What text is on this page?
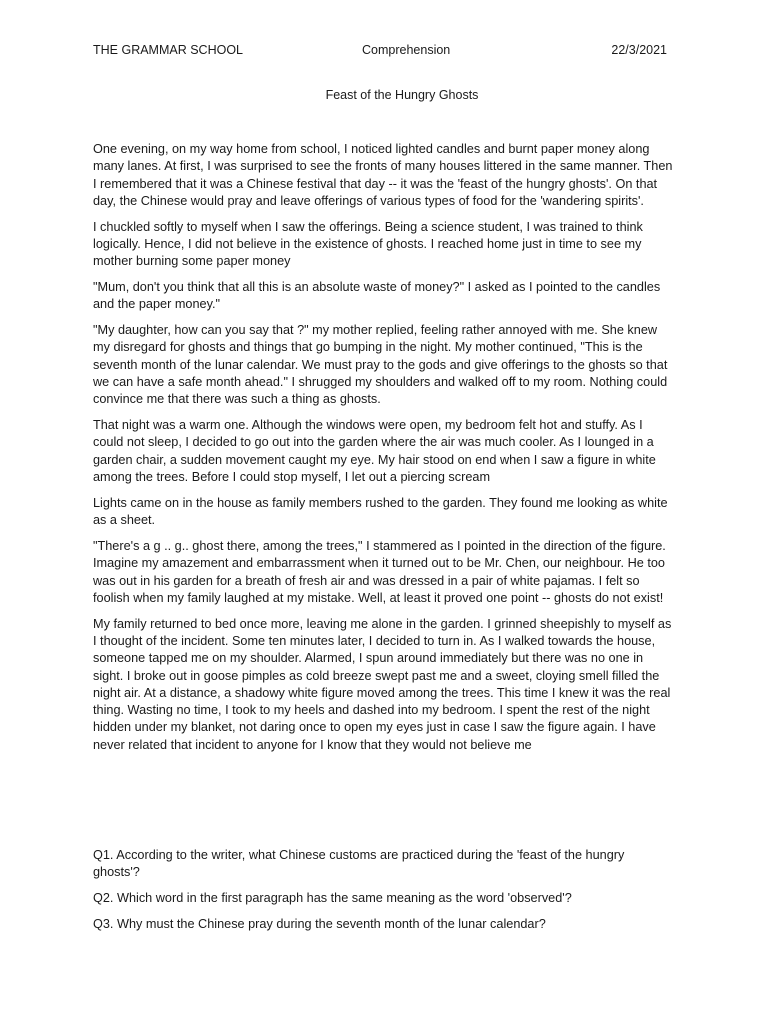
THE GRAMMAR SCHOOL	Comprehension	22/3/2021
Feast of the Hungry Ghosts

One evening, on my way home from school, I noticed lighted candles and burnt paper money along many lanes. At first, I was surprised to see the fronts of many houses littered in the same manner. Then I remembered that it was a Chinese festival that day -- it was the 'feast of the hungry ghosts'. On that day, the Chinese would pray and leave offerings of various types of food for the 'wandering spirits'.

I chuckled softly to myself when I saw the offerings. Being a science student, I was trained to think logically. Hence, I did not believe in the existence of ghosts. I reached home just in time to see my mother burning some paper money

"Mum, don't you think that all this is an absolute waste of money?" I asked as I pointed to the candles and the paper money."

"My daughter, how can you say that ?" my mother replied, feeling rather annoyed with me. She knew my disregard for ghosts and things that go bumping in the night. My mother continued, "This is the seventh month of the lunar calendar. We must pray to the gods and give offerings to the ghosts so that we can have a safe month ahead." I shrugged my shoulders and walked off to my room. Nothing could convince me that there was such a thing as ghosts.

That night was a warm one. Although the windows were open, my bedroom felt hot and stuffy. As I could not sleep, I decided to go out into the garden where the air was much cooler. As I lounged in a garden chair, a sudden movement caught my eye. My hair stood on end when I saw a figure in white among the trees. Before I could stop myself, I let out a piercing scream

Lights came on in the house as family members rushed to the garden. They found me looking as white as a sheet.

"There's a g .. g.. ghost there, among the trees," I stammered as I pointed in the direction of the figure. Imagine my amazement and embarrassment when it turned out to be Mr. Chen, our neighbour. He too was out in his garden for a breath of fresh air and was dressed in a pair of white pajamas. I felt so foolish when my family laughed at my mistake. Well, at least it proved one point -- ghosts do not exist!

My family returned to bed once more, leaving me alone in the garden. I grinned sheepishly to myself as I thought of the incident. Some ten minutes later, I decided to turn in. As I walked towards the house, someone tapped me on my shoulder. Alarmed, I spun around immediately but there was no one in sight. I broke out in goose pimples as cold breeze swept past me and a sweet, cloying smell filled the night air. At a distance, a shadowy white figure moved among the trees. This time I knew it was the real thing. Wasting no time, I took to my heels and dashed into my bedroom. I spent the rest of the night hidden under my blanket, not daring once to open my eyes just in case I saw the figure again. I have never related that incident to anyone for I know that they would not believe me

Q1. According to the writer, what Chinese customs are practiced during the 'feast of the hungry ghosts'?

Q2. Which word in the first paragraph has the same meaning as the word 'observed'?

Q3. Why must the Chinese pray during the seventh month of the lunar calendar?
